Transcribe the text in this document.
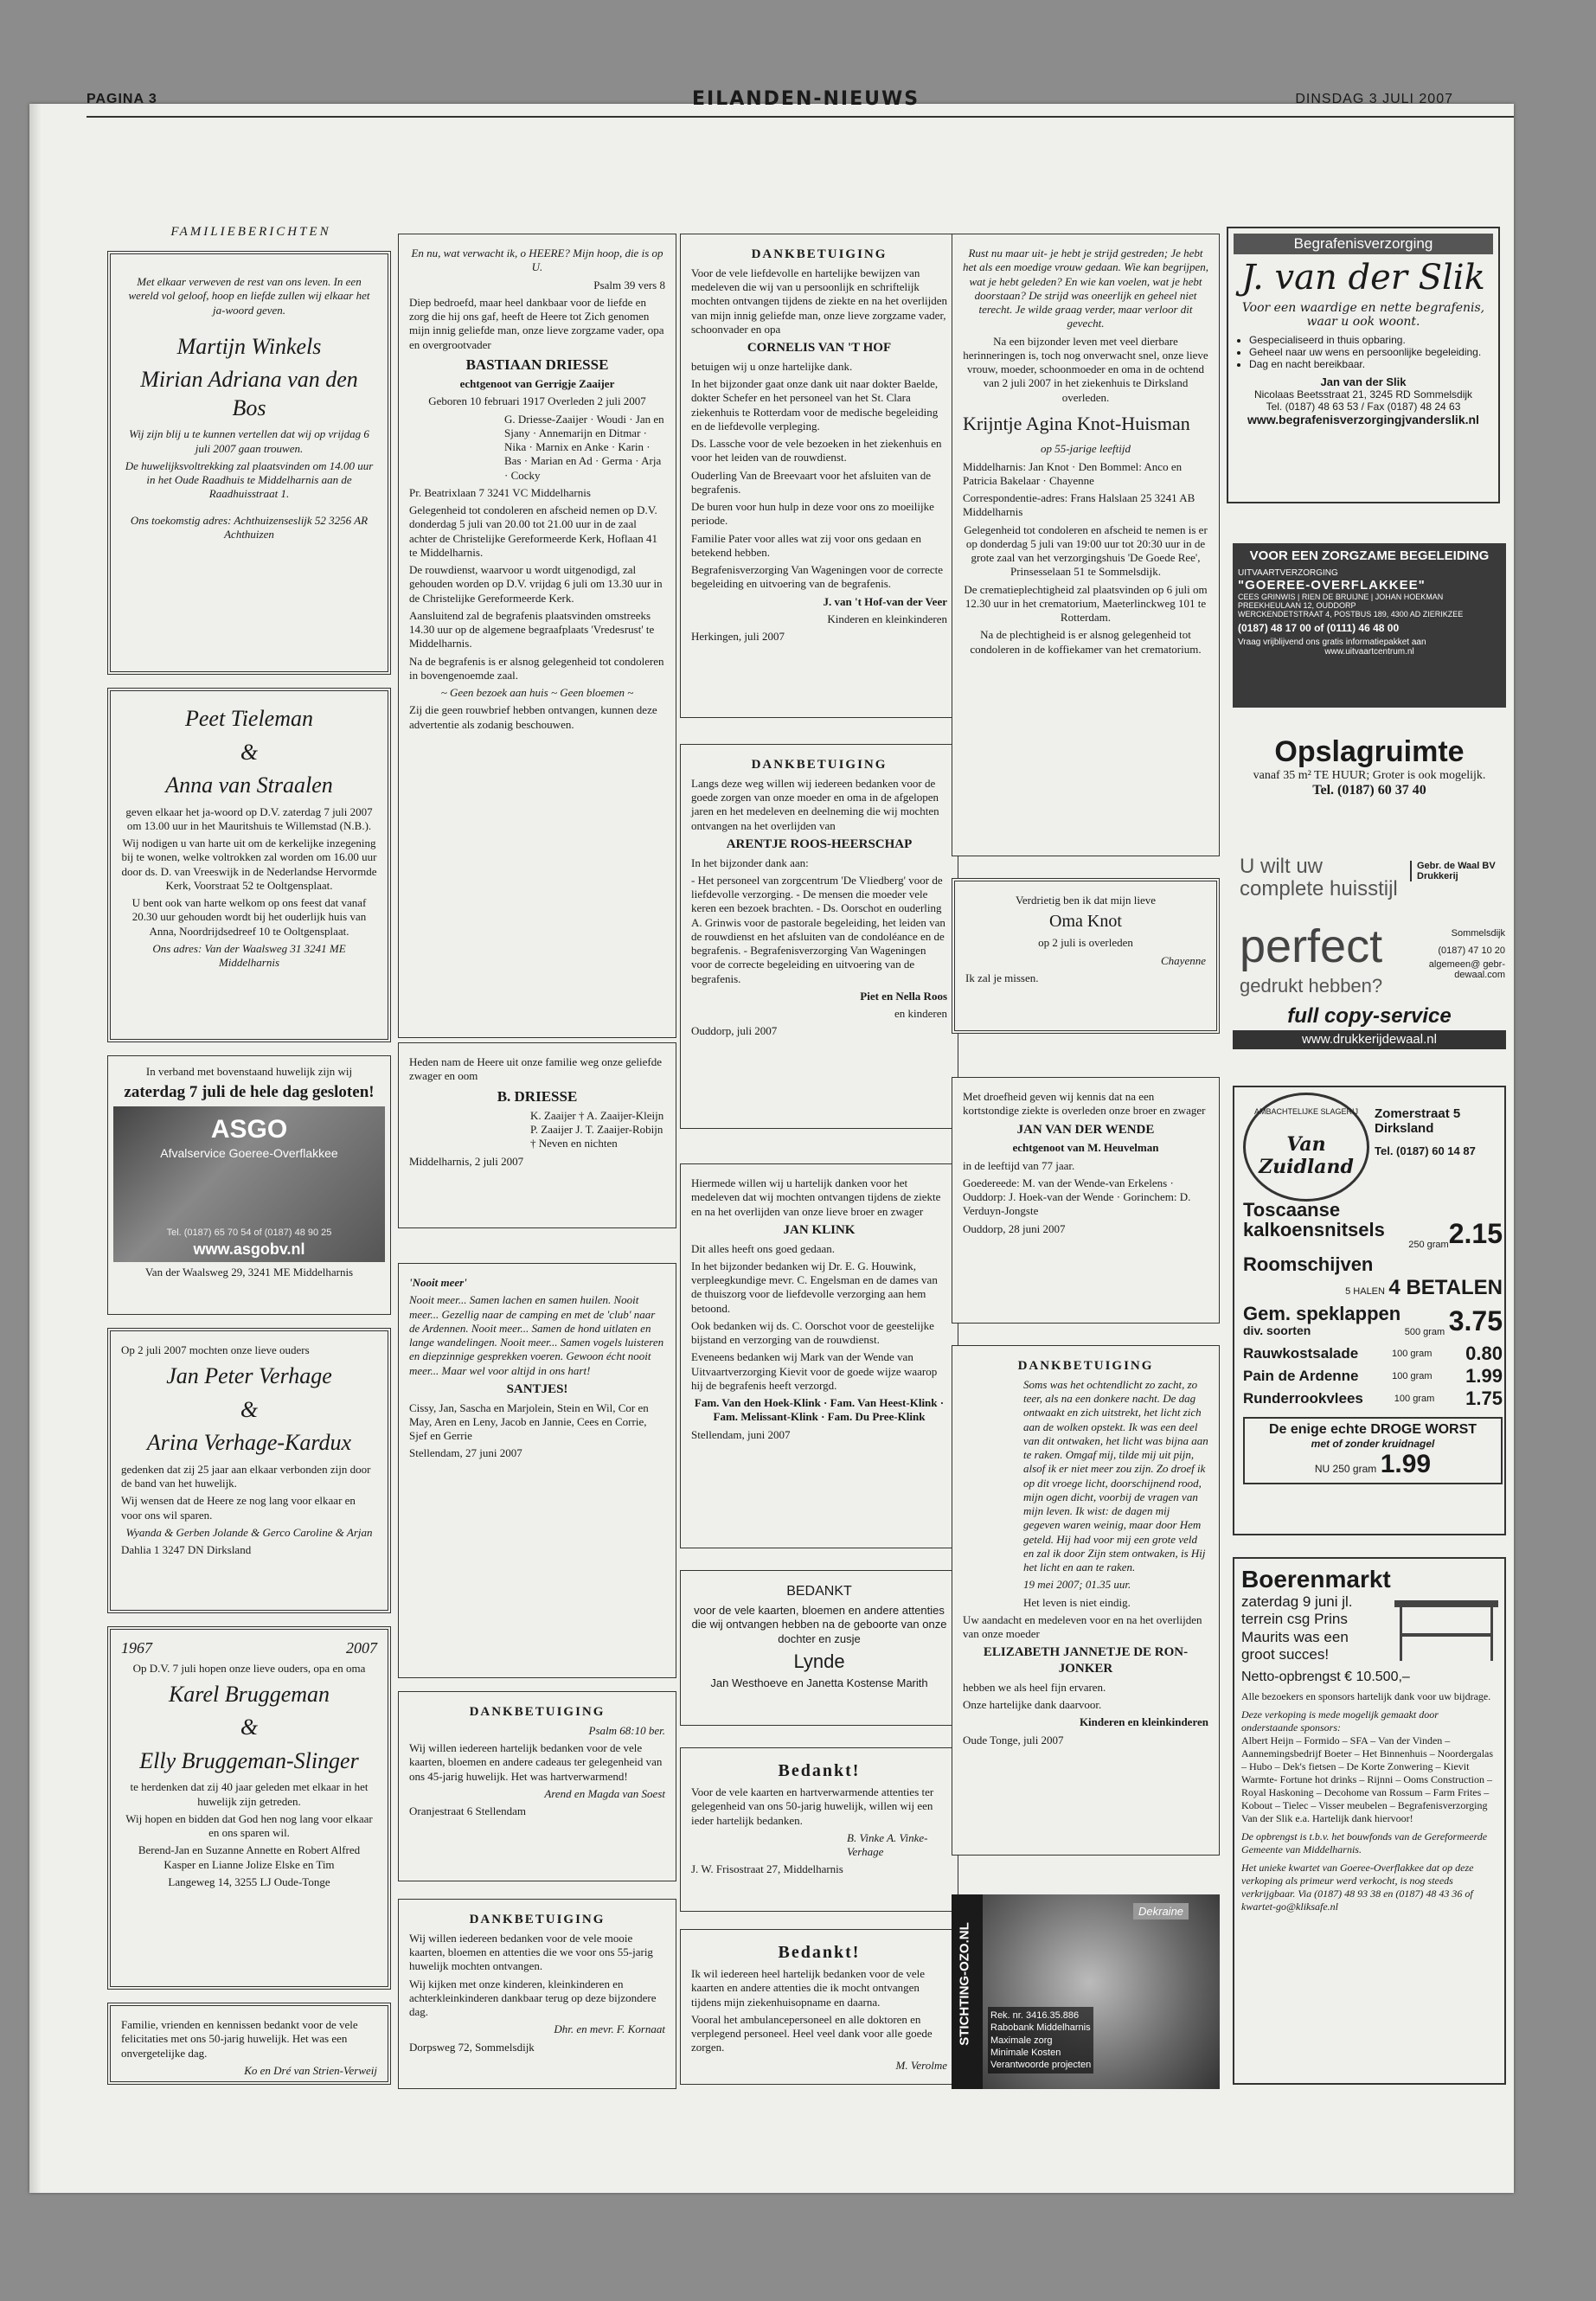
PAGINA 3	EILANDEN-NIEUWS	DINSDAG 3 JULI 2007
FAMILIEBERICHTEN

Met elkaar verweven de rest van ons leven. In een wereld vol geloof, hoop en liefde zullen wij elkaar het ja-woord geven.

Martijn Winkels

Mirian Adriana van den Bos

Wij zijn blij u te kunnen vertellen dat wij op vrijdag 6 juli 2007 gaan trouwen.

De huwelijksvoltrekking zal plaatsvinden om 14.00 uur in het Oude Raadhuis te Middelharnis aan de Raadhuisstraat 1.

Ons toekomstig adres: Achthuizenseslijk 52 3256 AR Achthuizen

Peet Tieleman

&

Anna van Straalen

geven elkaar het ja-woord op D.V. zaterdag 7 juli 2007 om 13.00 uur in het Mauritshuis te Willemstad (N.B.).

Wij nodigen u van harte uit om de kerkelijke inzegening bij te wonen, welke voltrokken zal worden om 16.00 uur door ds. D. van Vreeswijk in de Nederlandse Hervormde Kerk, Voorstraat 52 te Ooltgensplaat.

U bent ook van harte welkom op ons feest dat vanaf 20.30 uur gehouden wordt bij het ouderlijk huis van Anna, Noordrijdsedreef 10 te Ooltgensplaat.

Ons adres: Van der Waalsweg 31 3241 ME Middelharnis

In verband met bovenstaand huwelijk zijn wij

zaterdag 7 juli de hele dag gesloten!

ASGO
Afvalservice Goeree-Overflakkee
Tel. (0187) 65 70 54 of (0187) 48 90 25
www.asgobv.nl

Van der Waalsweg 29, 3241 ME Middelharnis

Op 2 juli 2007 mochten onze lieve ouders

Jan Peter Verhage

&

Arina Verhage-Kardux

gedenken dat zij 25 jaar aan elkaar verbonden zijn door de band van het huwelijk.

Wij wensen dat de Heere ze nog lang voor elkaar en voor ons wil sparen.

Wyanda & Gerben Jolande & Gerco Caroline & Arjan

Dahlia 1 3247 DN Dirksland

1967	2007

Op D.V. 7 juli hopen onze lieve ouders, opa en oma

Karel Bruggeman

&

Elly Bruggeman-Slinger

te herdenken dat zij 40 jaar geleden met elkaar in het huwelijk zijn getreden.

Wij hopen en bidden dat God hen nog lang voor elkaar en ons sparen wil.

Berend-Jan en Suzanne Annette en Robert Alfred Kasper en Lianne Jolize Elske en Tim

Langeweg 14, 3255 LJ Oude-Tonge

Familie, vrienden en kennissen bedankt voor de vele felicitaties met ons 50-jarig huwelijk. Het was een onvergetelijke dag.

Ko en Dré van Strien-Verweij

En nu, wat verwacht ik, o HEERE? Mijn hoop, die is op U.

Psalm 39 vers 8

Diep bedroefd, maar heel dankbaar voor de liefde en zorg die hij ons gaf, heeft de Heere tot Zich genomen mijn innig geliefde man, onze lieve zorgzame vader, opa en overgrootvader

BASTIAAN DRIESSE

echtgenoot van Gerrigje Zaaijer

Geboren 10 februari 1917 Overleden 2 juli 2007

G. Driesse-Zaaijer · Woudi · Jan en Sjany · Annemarijn en Ditmar · Nika · Marnix en Anke · Karin · Bas · Marian en Ad · Germa · Arja · Cocky

Pr. Beatrixlaan 7 3241 VC Middelharnis

Gelegenheid tot condoleren en afscheid nemen op D.V. donderdag 5 juli van 20.00 tot 21.00 uur in de zaal achter de Christelijke Gereformeerde Kerk, Hoflaan 41 te Middelharnis.

De rouwdienst, waarvoor u wordt uitgenodigd, zal gehouden worden op D.V. vrijdag 6 juli om 13.30 uur in de Christelijke Gereformeerde Kerk.

Aansluitend zal de begrafenis plaatsvinden omstreeks 14.30 uur op de algemene begraafplaats 'Vredesrust' te Middelharnis.

Na de begrafenis is er alsnog gelegenheid tot condoleren in bovengenoemde zaal.

~ Geen bezoek aan huis ~ Geen bloemen ~

Zij die geen rouwbrief hebben ontvangen, kunnen deze advertentie als zodanig beschouwen.

Heden nam de Heere uit onze familie weg onze geliefde zwager en oom

B. DRIESSE

K. Zaaijer † A. Zaaijer-Kleijn P. Zaaijer J. T. Zaaijer-Robijn † Neven en nichten

Middelharnis, 2 juli 2007

'Nooit meer'

Nooit meer... Samen lachen en samen huilen. Nooit meer... Gezellig naar de camping en met de 'club' naar de Ardennen. Nooit meer... Samen de hond uitlaten en lange wandelingen. Nooit meer... Samen vogels luisteren en diepzinnige gesprekken voeren. Gewoon écht nooit meer... Maar wel voor altijd in ons hart!

SANTJES!

Cissy, Jan, Sascha en Marjolein, Stein en Wil, Cor en May, Aren en Leny, Jacob en Jannie, Cees en Corrie, Sjef en Gerrie

Stellendam, 27 juni 2007

DANKBETUIGING

Psalm 68:10 ber.

Wij willen iedereen hartelijk bedanken voor de vele kaarten, bloemen en andere cadeaus ter gelegenheid van ons 45-jarig huwelijk. Het was hartverwarmend!

Arend en Magda van Soest

Oranjestraat 6 Stellendam

DANKBETUIGING

Wij willen iedereen bedanken voor de vele mooie kaarten, bloemen en attenties die we voor ons 55-jarig huwelijk mochten ontvangen.

Wij kijken met onze kinderen, kleinkinderen en achterkleinkinderen dankbaar terug op deze bijzondere dag.

Dhr. en mevr. F. Kornaat

Dorpsweg 72, Sommelsdijk

DANKBETUIGING

Voor de vele liefdevolle en hartelijke bewijzen van medeleven die wij van u persoonlijk en schriftelijk mochten ontvangen tijdens de ziekte en na het overlijden van mijn innig geliefde man, onze lieve zorgzame vader, schoonvader en opa

CORNELIS VAN 'T HOF

betuigen wij u onze hartelijke dank.

In het bijzonder gaat onze dank uit naar dokter Baelde, dokter Schefer en het personeel van het St. Clara ziekenhuis te Rotterdam voor de medische begeleiding en de liefdevolle verpleging.

Ds. Lassche voor de vele bezoeken in het ziekenhuis en voor het leiden van de rouwdienst.

Ouderling Van de Breevaart voor het afsluiten van de begrafenis.

De buren voor hun hulp in deze voor ons zo moeilijke periode.

Familie Pater voor alles wat zij voor ons gedaan en betekend hebben.

Begrafenisverzorging Van Wageningen voor de correcte begeleiding en uitvoering van de begrafenis.

J. van 't Hof-van der Veer

Kinderen en kleinkinderen

Herkingen, juli 2007

DANKBETUIGING

Langs deze weg willen wij iedereen bedanken voor de goede zorgen van onze moeder en oma in de afgelopen jaren en het medeleven en deelneming die wij mochten ontvangen na het overlijden van

ARENTJE ROOS-HEERSCHAP

In het bijzonder dank aan:

- Het personeel van zorgcentrum 'De Vliedberg' voor de liefdevolle verzorging. - De mensen die moeder vele keren een bezoek brachten. - Ds. Oorschot en ouderling A. Grinwis voor de pastorale begeleiding, het leiden van de rouwdienst en het afsluiten van de condoléance en de begrafenis. - Begrafenisverzorging Van Wageningen voor de correcte begeleiding en uitvoering van de begrafenis.

Piet en Nella Roos

en kinderen

Ouddorp, juli 2007

Hiermede willen wij u hartelijk danken voor het medeleven dat wij mochten ontvangen tijdens de ziekte en na het overlijden van onze lieve broer en zwager

JAN KLINK

Dit alles heeft ons goed gedaan.

In het bijzonder bedanken wij Dr. E. G. Houwink, verpleegkundige mevr. C. Engelsman en de dames van de thuiszorg voor de liefdevolle verzorging aan hem betoond.

Ook bedanken wij ds. C. Oorschot voor de geestelijke bijstand en verzorging van de rouwdienst.

Eveneens bedanken wij Mark van der Wende van Uitvaartverzorging Kievit voor de goede wijze waarop hij de begrafenis heeft verzorgd.

Fam. Van den Hoek-Klink · Fam. Van Heest-Klink · Fam. Melissant-Klink · Fam. Du Pree-Klink

Stellendam, juni 2007

BEDANKT

voor de vele kaarten, bloemen en andere attenties die wij ontvangen hebben na de geboorte van onze dochter en zusje

Lynde

Jan Westhoeve en Janetta Kostense Marith

Bedankt!

Voor de vele kaarten en hartverwarmende attenties ter gelegenheid van ons 50-jarig huwelijk, willen wij een ieder hartelijk bedanken.

B. Vinke A. Vinke-Verhage

J. W. Frisostraat 27, Middelharnis

Bedankt!

Ik wil iedereen heel hartelijk bedanken voor de vele kaarten en andere attenties die ik mocht ontvangen tijdens mijn ziekenhuisopname en daarna.

Vooral het ambulancepersoneel en alle doktoren en verplegend personeel. Heel veel dank voor alle goede zorgen.

M. Verolme

Rust nu maar uit- je hebt je strijd gestreden; Je hebt het als een moedige vrouw gedaan. Wie kan begrijpen, wat je hebt geleden? En wie kan voelen, wat je hebt doorstaan? De strijd was oneerlijk en geheel niet terecht. Je wilde graag verder, maar verloor dit gevecht.

Na een bijzonder leven met veel dierbare herinneringen is, toch nog onverwacht snel, onze lieve vrouw, moeder, schoonmoeder en oma in de ochtend van 2 juli 2007 in het ziekenhuis te Dirksland overleden.

Krijntje Agina Knot-Huisman

op 55-jarige leeftijd

Middelharnis: Jan Knot · Den Bommel: Anco en Patricia Bakelaar · Chayenne

Correspondentie-adres: Frans Halslaan 25 3241 AB Middelharnis

Gelegenheid tot condoleren en afscheid te nemen is er op donderdag 5 juli van 19:00 uur tot 20:30 uur in de grote zaal van het verzorgingshuis 'De Goede Ree', Prinsesselaan 51 te Sommelsdijk.

De crematieplechtigheid zal plaatsvinden op 6 juli om 12.30 uur in het crematorium, Maeterlinckweg 101 te Rotterdam.

Na de plechtigheid is er alsnog gelegenheid tot condoleren in de koffiekamer van het crematorium.

Verdrietig ben ik dat mijn lieve

Oma Knot

op 2 juli is overleden

Chayenne

Ik zal je missen.

Met droefheid geven wij kennis dat na een kortstondige ziekte is overleden onze broer en zwager

JAN VAN DER WENDE

echtgenoot van M. Heuvelman

in de leeftijd van 77 jaar.

Goedereede: M. van der Wende-van Erkelens · Ouddorp: J. Hoek-van der Wende · Gorinchem: D. Verduyn-Jongste

Ouddorp, 28 juni 2007

DANKBETUIGING

Soms was het ochtendlicht zo zacht, zo teer, als na een donkere nacht. De dag ontwaakt en zich uitstrekt, het licht zich aan de wolken opstekt. Ik was een deel van dit ontwaken, het licht was bijna aan te raken. Omgaf mij, tilde mij uit pijn, alsof ik er niet meer zou zijn. Zo droef ik op dit vroege licht, doorschijnend rood, mijn ogen dicht, voorbij de vragen van mijn leven. Ik wist: de dagen mij gegeven waren weinig, maar door Hem geteld. Hij had voor mij een grote veld en zal ik door Zijn stem ontwaken, is Hij het licht en aan te raken.

19 mei 2007; 01.35 uur.

Het leven is niet eindig.

Uw aandacht en medeleven voor en na het overlijden van onze moeder

ELIZABETH JANNETJE DE RON-JONKER

hebben we als heel fijn ervaren.

Onze hartelijke dank daarvoor.

Kinderen en kleinkinderen

Oude Tonge, juli 2007

STICHTING-OZO.NL
Dekraine
Rek. nr. 3416.35.886
Rabobank Middelharnis
Maximale zorg
Minimale Kosten
Verantwoorde projecten
Begrafenisverzorging
J. van der Slik
Voor een waardige en nette begrafenis, waar u ook woont.
• Gespecialiseerd in thuis opbaring.
• Geheel naar uw wens en persoonlijke begeleiding.
• Dag en nacht bereikbaar.
Jan van der Slik
Nicolaas Beetsstraat 21, 3245 RD Sommelsdijk
Tel. (0187) 48 63 53 / Fax (0187) 48 24 63
www.begrafenisverzorgingjvanderslik.nl
VOOR EEN ZORGZAME BEGELEIDING
UITVAARTVERZORGING
"GOEREE-OVERFLAKKEE"
CEES GRINWIS | RIEN DE BRUIJNE | JOHAN HOEKMAN
PREEKHEULAAN 12, OUDDORP
WERCKENDETSTRAAT 4, POSTBUS 189, 4300 AD ZIERIKZEE
(0187) 48 17 00 of (0111) 46 48 00
Vraag vrijblijvend ons gratis informatiepakket aan
www.uitvaartcentrum.nl
Opslagruimte
vanaf 35 m² TE HUUR; Groter is ook mogelijk.
Tel. (0187) 60 37 40
U wilt uw complete huisstijl
perfect
gedrukt hebben?
Gebr. de Waal BV Drukkerij
Sommelsdijk
(0187) 47 10 20
algemeen@ gebr-dewaal.com
full copy-service
www.drukkerijdewaal.nl
AMBACHTELIJKE SLAGERIJ
Van Zuidland
Zomerstraat 5 Dirksland
Tel. (0187) 60 14 87
Toscaanse kalkoensnitsels
250 gram 2.15
Roomschijven
5 HALEN 4 BETALEN
Gem. speklappen
div. soorten	500 gram 3.75
Rauwkostsalade	100 gram 0.80
Pain de Ardenne	100 gram 1.99
Runderrookvlees	100 gram 1.75
De enige echte DROGE WORST
met of zonder kruidnagel
NU 250 gram 1.99
Boerenmarkt
zaterdag 9 juni jl. terrein csg Prins Maurits was een groot succes!
Netto-opbrengst € 10.500,–
Alle bezoekers en sponsors hartelijk dank voor uw bijdrage.
Deze verkoping is mede mogelijk gemaakt door onderstaande sponsors:
Albert Heijn – Formido – SFA – Van der Vinden – Aannemingsbedrijf Boeter – Het Binnenhuis – Noordergalas – Hubo – Dek's fietsen – De Korte Zonwering – Kievit Warmte- Fortune hot drinks – Rijnni – Ooms Construction – Royal Haskoning – Decohome van Rossum – Farm Frites – Kobout – Tielec – Visser meubelen – Begrafenisverzorging Van der Slik e.a. Hartelijk dank hiervoor!
De opbrengst is t.b.v. het bouwfonds van de Gereformeerde Gemeente van Middelharnis.
Het unieke kwartet van Goeree-Overflakkee dat op deze verkoping als primeur werd verkocht, is nog steeds verkrijgbaar. Via (0187) 48 93 38 en (0187) 48 43 36 of kwartet-go@kliksafe.nl
